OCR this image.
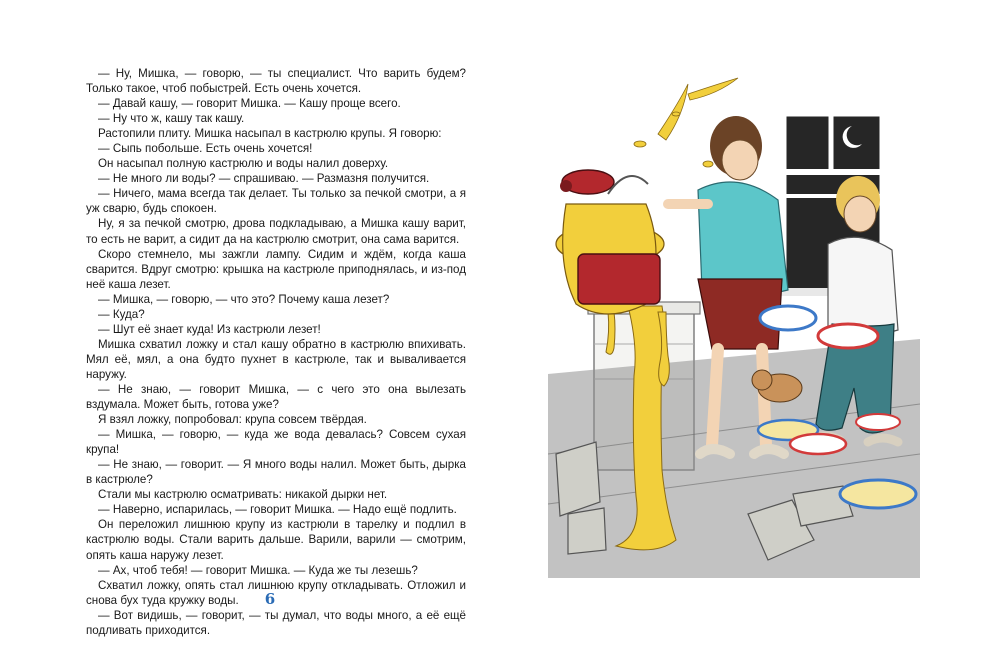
— Ну, Мишка, — говорю, — ты специалист. Что варить будем? Только такое, чтоб побыстрей. Есть очень хочется.

— Давай кашу, — говорит Мишка. — Кашу проще всего.

— Ну что ж, кашу так кашу.

Растопили плиту. Мишка насыпал в кастрюлю крупы. Я говорю:

— Сыпь побольше. Есть очень хочется!

Он насыпал полную кастрюлю и воды налил доверху.

— Не много ли воды? — спрашиваю. — Размазня получится.

— Ничего, мама всегда так делает. Ты только за печкой смотри, а я уж сварю, будь спокоен.

Ну, я за печкой смотрю, дрова подкладываю, а Мишка кашу варит, то есть не варит, а сидит да на кастрюлю смотрит, она сама варится.

Скоро стемнело, мы зажгли лампу. Сидим и ждём, когда каша сварится. Вдруг смотрю: крышка на кастрюле приподнялась, и из-под неё каша лезет.

— Мишка, — говорю, — что это? Почему каша лезет?

— Куда?

— Шут её знает куда! Из кастрюли лезет!

Мишка схватил ложку и стал кашу обратно в кастрюлю впихивать. Мял её, мял, а она будто пухнет в кастрюле, так и вываливается наружу.

— Не знаю, — говорит Мишка, — с чего это она вылезать вздумала. Может быть, готова уже?

Я взял ложку, попробовал: крупа совсем твёрдая.

— Мишка, — говорю, — куда же вода девалась? Совсем сухая крупа!

— Не знаю, — говорит. — Я много воды налил. Может быть, дырка в кастрюле?

Стали мы кастрюлю осматривать: никакой дырки нет.

— Наверно, испарилась, — говорит Мишка. — Надо ещё подлить.

Он переложил лишнюю крупу из кастрюли в тарелку и подлил в кастрюлю воды. Стали варить дальше. Варили, варили — смотрим, опять каша наружу лезет.

— Ах, чтоб тебя! — говорит Мишка. — Куда же ты лезешь?

Схватил ложку, опять стал лишнюю крупу откладывать. Отложил и снова бух туда кружку воды.

— Вот видишь, — говорит, — ты думал, что воды много, а её ещё подливать приходится.

6
